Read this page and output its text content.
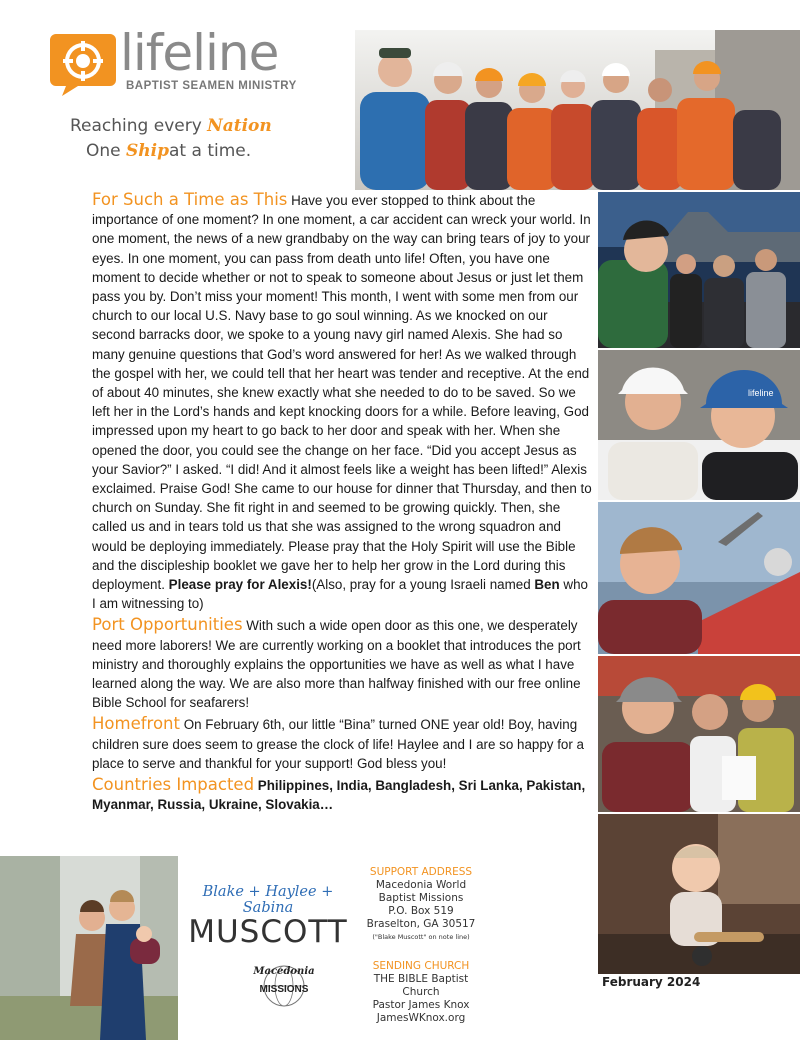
lifeline
BAPTIST SEAMEN MINISTRY
Reaching every Nation
One Shipat a time.
lifeline

For Such a Time as This Have you ever stopped to think about the importance of one moment? In one moment, a car accident can wreck your world. In one moment, the news of a new grandbaby on the way can bring tears of joy to your eyes. In one moment, you can pass from death unto life! Often, you have one moment to decide whether or not to speak to someone about Jesus or just let them pass you by. Don’t miss your moment! This month, I went with some men from our church to our local U.S. Navy base to go soul winning. As we knocked on our second barracks door, we spoke to a young navy girl named Alexis. She had so many genuine questions that God’s word answered for her! As we walked through the gospel with her, we could tell that her heart was tender and receptive. At the end of about 40 minutes, she knew exactly what she needed to do to be saved. So we left her in the Lord’s hands and kept knocking doors for a while. Before leaving, God impressed upon my heart to go back to her door and speak with her. When she opened the door, you could see the change on her face. “Did you accept Jesus as your Savior?” I asked. “I did! And it almost feels like a weight has been lifted!” Alexis exclaimed. Praise God! She came to our house for dinner that Thursday, and then to church on Sunday. She fit right in and seemed to be growing quickly. Then, she called us and in tears told us that she was assigned to the wrong squadron and would be deploying immediately. Please pray that the Holy Spirit will use the Bible and the discipleship booklet we gave her to help her grow in the Lord during this deployment. Please pray for Alexis!(Also, pray for a young Israeli named Ben who I am witnessing to)

Port Opportunities With such a wide open door as this one, we desperately need more laborers! We are currently working on a booklet that introduces the port ministry and thoroughly explains the opportunities we have as well as what I have learned along the way. We are also more than halfway finished with our free online Bible School for seafarers!

Homefront On February 6th, our little “Bina” turned ONE year old! Boy, having children sure does seem to grease the clock of life! Haylee and I are so happy for a place to serve and thankful for your support! God bless you!

Countries Impacted Philippines, India, Bangladesh, Sri Lanka, Pakistan, Myanmar, Russia, Ukraine, Slovakia…

Blake + Haylee + Sabina
MUSCOTT
Macedonia
MISSIONS
SUPPORT ADDRESS
Macedonia World
Baptist Missions
P.O. Box 519
Braselton, GA 30517
("Blake Muscott" on note line)
SENDING CHURCH
THE BIBLE Baptist Church
Pastor James Knox
JamesWKnox.org
February 2024
